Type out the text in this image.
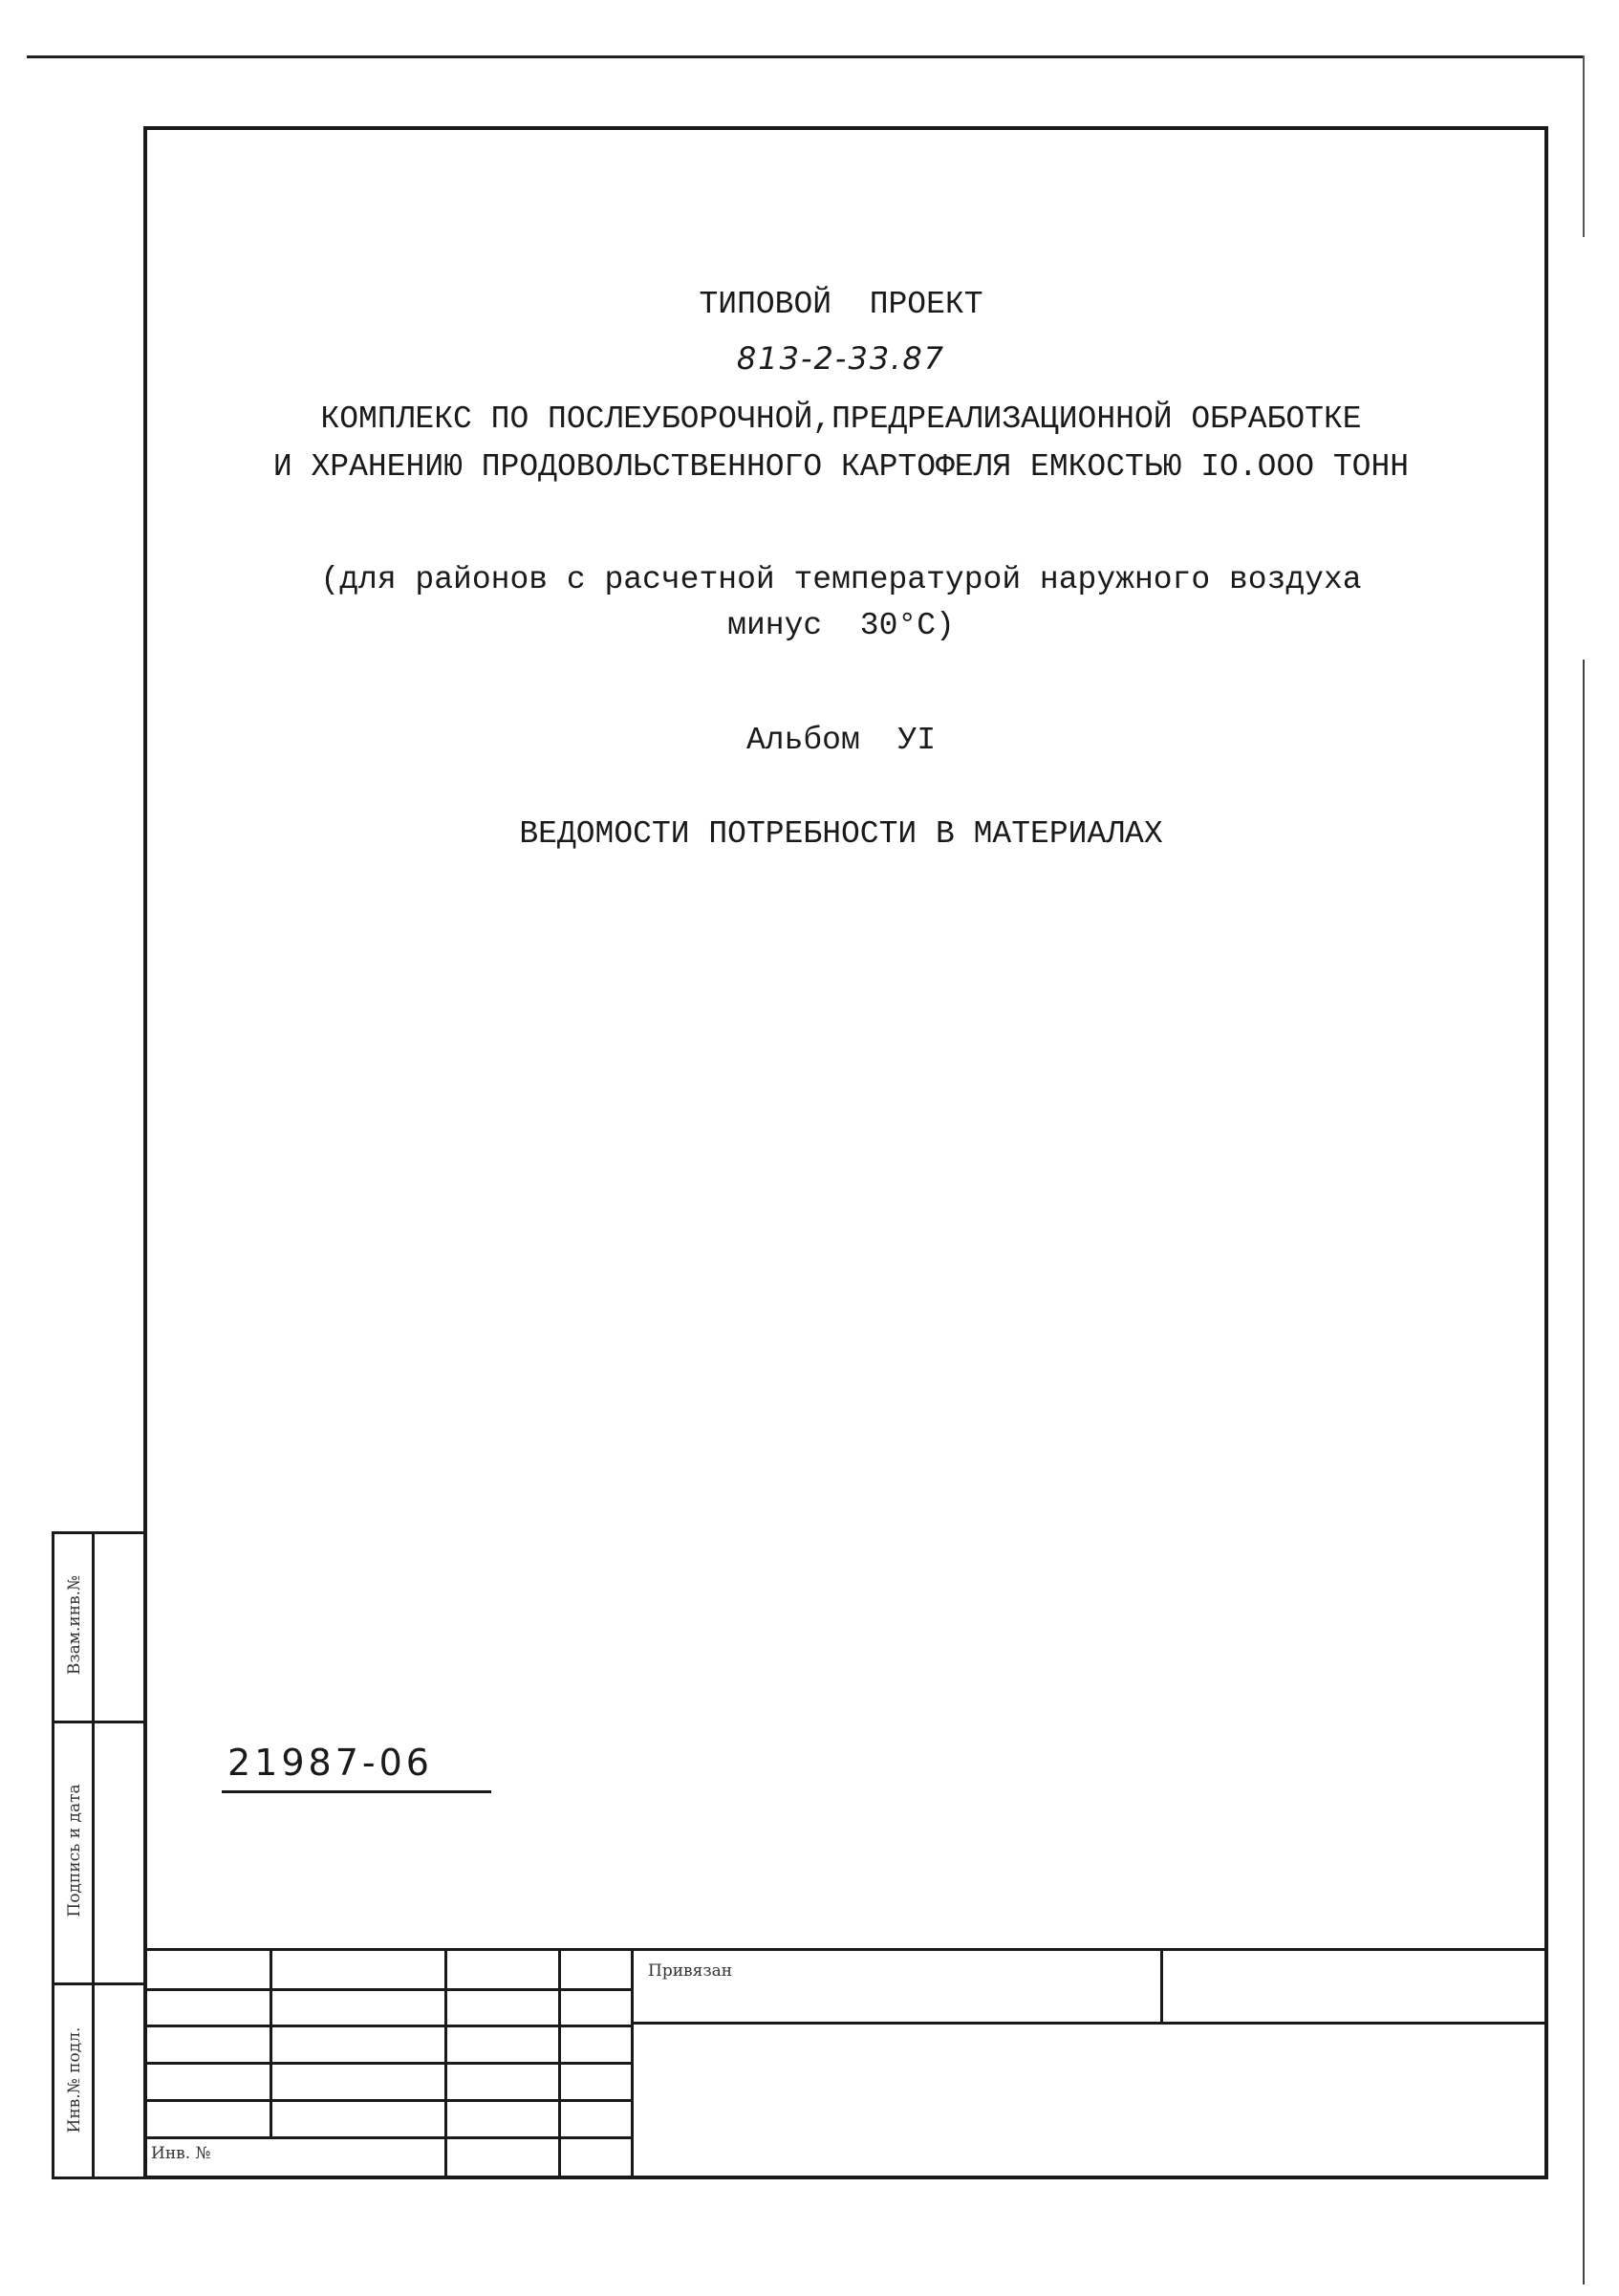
ТИПОВОЙ  ПРОЕКТ
813-2-33.87
КОМПЛЕКС ПО ПОСЛЕУБОРОЧНОЙ,ПРЕДРЕАЛИЗАЦИОННОЙ ОБРАБОТКЕ
И ХРАНЕНИЮ ПРОДОВОЛЬСТВЕННОГО КАРТОФЕЛЯ ЕМКОСТЬЮ IO.OOO ТОНН
(для районов с расчетной температурой наружного воздуха
минус  30°С)
Альбом  УI
ВЕДОМОСТИ ПОТРЕБНОСТИ В МАТЕРИАЛАХ
21987-06
Привязан
Инв. №
Взам.инв.№
Подпись и дата
Инв.№ подл.
